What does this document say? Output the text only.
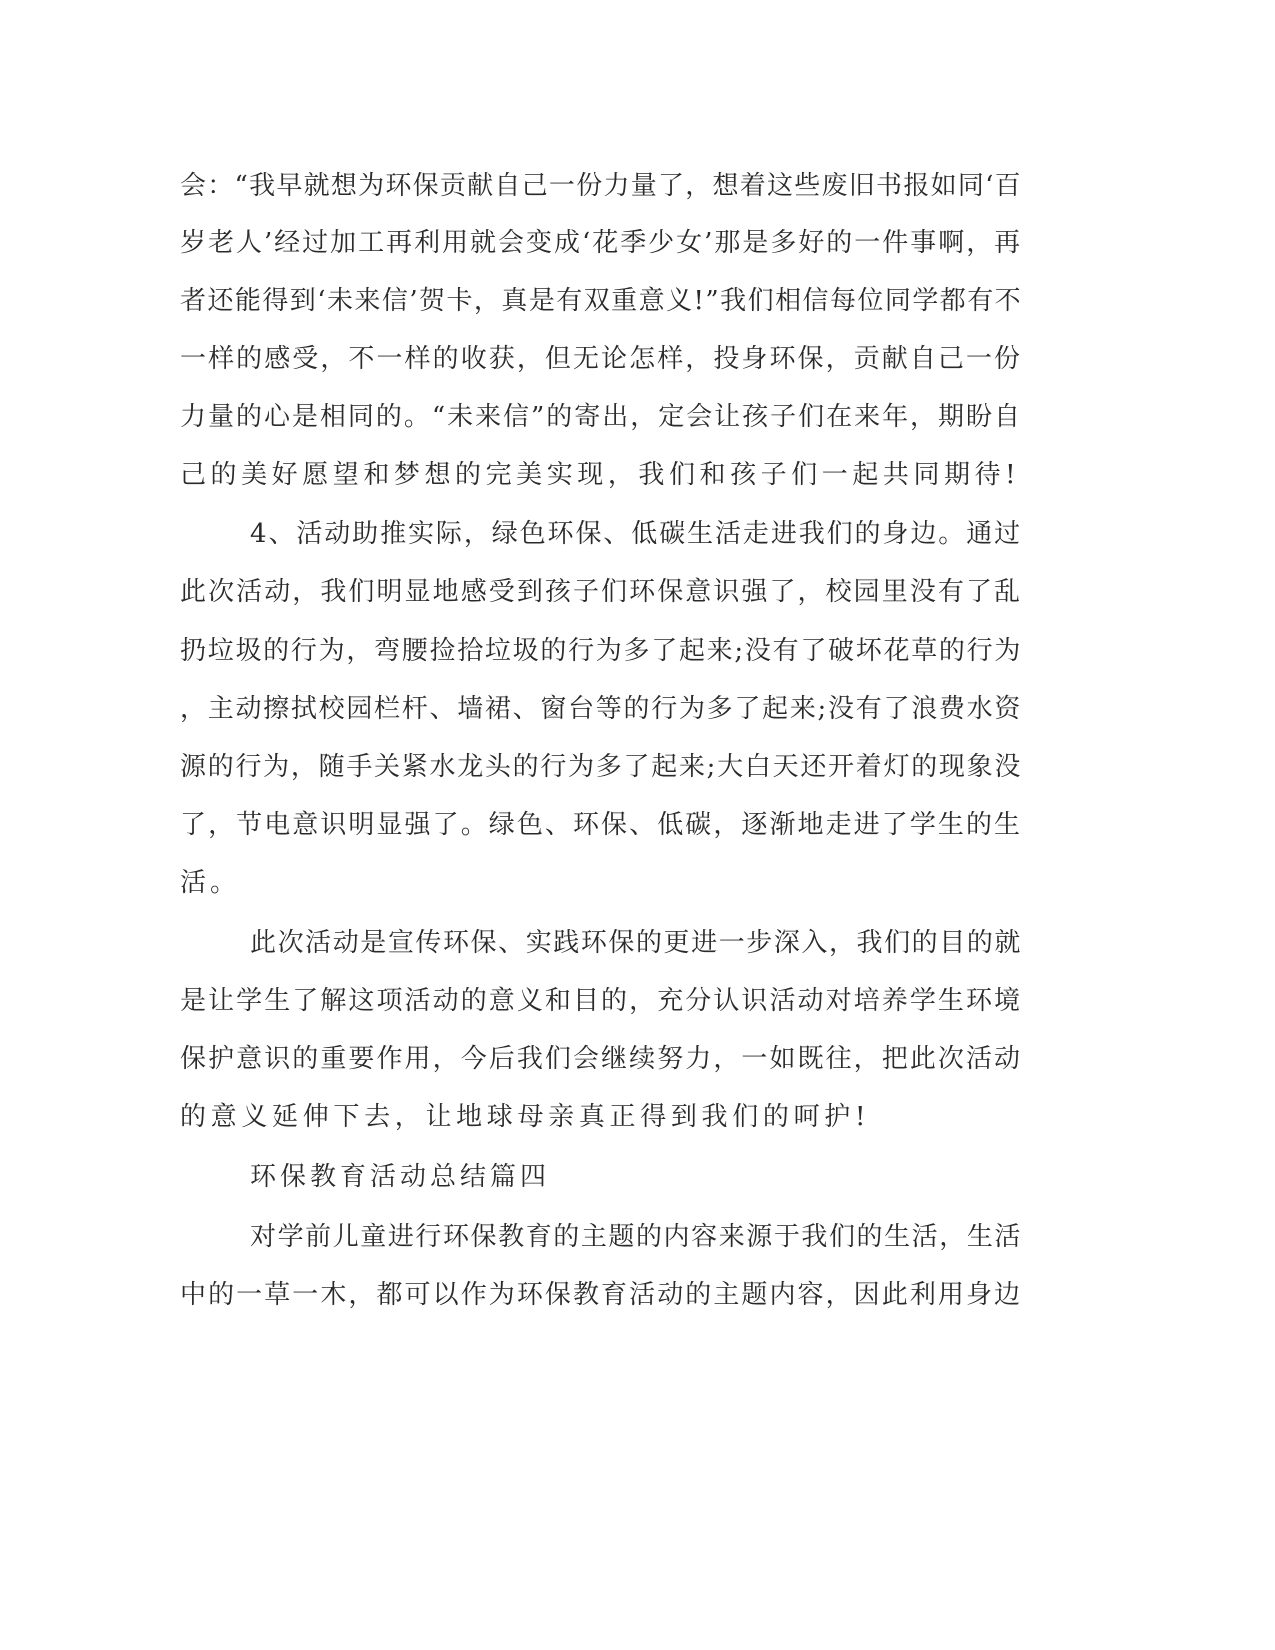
会：“我早就想为环保贡献自己一份力量了，想着这些废旧书报如同‘百
岁老人’经过加工再利用就会变成‘花季少女’那是多好的一件事啊，再
者还能得到‘未来信’贺卡，真是有双重意义!”我们相信每位同学都有不
一样的感受，不一样的收获，但无论怎样，投身环保，贡献自己一份
力量的心是相同的。“未来信”的寄出，定会让孩子们在来年，期盼自
己的美好愿望和梦想的完美实现，我们和孩子们一起共同期待!
4、活动助推实际，绿色环保、低碳生活走进我们的身边。通过
此次活动，我们明显地感受到孩子们环保意识强了，校园里没有了乱
扔垃圾的行为，弯腰捡拾垃圾的行为多了起来;没有了破坏花草的行为
，主动擦拭校园栏杆、墙裙、窗台等的行为多了起来;没有了浪费水资
源的行为，随手关紧水龙头的行为多了起来;大白天还开着灯的现象没
了，节电意识明显强了。绿色、环保、低碳，逐渐地走进了学生的生
活。
此次活动是宣传环保、实践环保的更进一步深入，我们的目的就
是让学生了解这项活动的意义和目的，充分认识活动对培养学生环境
保护意识的重要作用，今后我们会继续努力，一如既往，把此次活动
的意义延伸下去，让地球母亲真正得到我们的呵护!
环保教育活动总结篇四
对学前儿童进行环保教育的主题的内容来源于我们的生活，生活
中的一草一木，都可以作为环保教育活动的主题内容，因此利用身边
